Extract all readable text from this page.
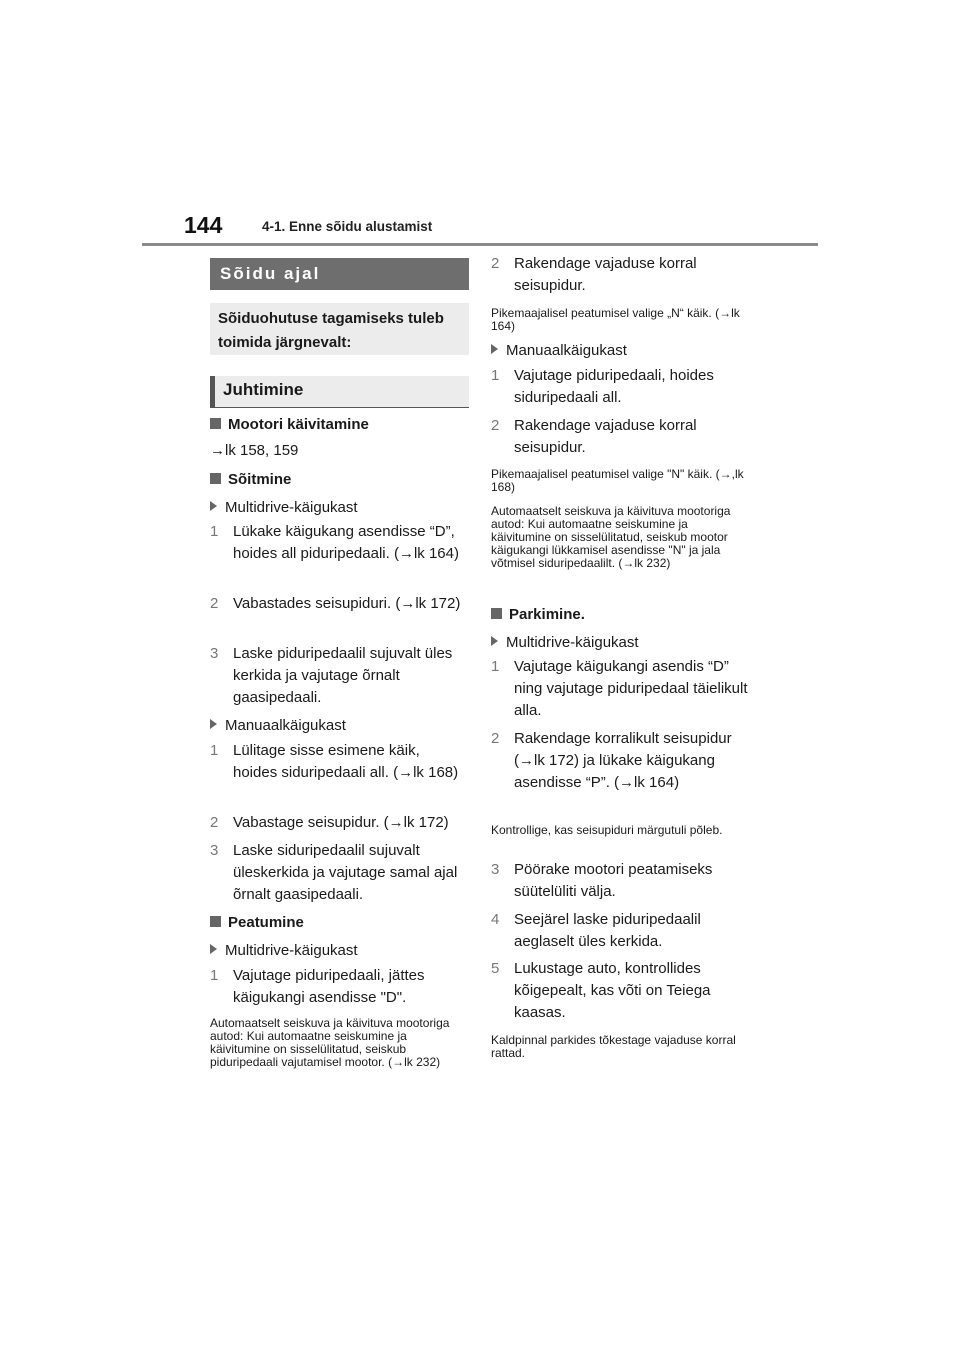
144	4-1. Enne sõidu alustamist
Sõidu ajal
Sõiduohutuse tagamiseks tuleb toimida järgnevalt:
Juhtimine
Mootori käivitamine
→lk 158, 159
Sõitmine
Multidrive-käigukast
1 Lükake käigukang asendisse “D”, hoides all piduripedaali. (→lk 164)
2 Vabastades seisupiduri. (→lk 172)
3 Laske piduripedaalil sujuvalt üles kerkida ja vajutage õrnalt gaasipedaali.
Manuaalkäigukast
1 Lülitage sisse esimene käik, hoides siduripedaali all. (→lk 168)
2 Vabastage seisupidur. (→lk 172)
3 Laske siduripedaalil sujuvalt üleskerkida ja vajutage samal ajal õrnalt gaasipedaali.
Peatumine
Multidrive-käigukast
1 Vajutage piduripedaali, jättes käigukangi asendisse "D".
Automaatselt seiskuva ja käivituva mootoriga autod: Kui automaatne seiskumine ja käivitumine on sisselülitatud, seiskub piduripedaali vajutamisel mootor. (→lk 232)
2 Rakendage vajaduse korral seisupidur.
Pikemaajalisel peatumisel valige „N“ käik. (→lk 164)
Manuaalkäigukast
1 Vajutage piduripedaali, hoides siduripedaali all.
2 Rakendage vajaduse korral seisupidur.
Pikemaajalisel peatumisel valige "N" käik. (→,lk 168)
Automaatselt seiskuva ja käivituva mootoriga autod: Kui automaatne seiskumine ja käivitumine on sisselülitatud, seiskub mootor käigukangi lükkamisel asendisse "N" ja jala võtmisel siduripedaalilt. (→lk 232)
Parkimine.
Multidrive-käigukast
1 Vajutage käigukangi asendis “D” ning vajutage piduripedaal täielikult alla.
2 Rakendage korralikult seisupidur (→lk 172) ja lükake käigukang asendisse “P”. (→lk 164)
Kontrollige, kas seisupiduri märgutuli põleb.
3 Pöörake mootori peatamiseks süütelüliti välja.
4 Seejärel laske piduripedaalil aeglaselt üles kerkida.
5 Lukustage auto, kontrollides kõigepealt, kas võti on Teiega kaasas.
Kaldpinnal parkides tõkestage vajaduse korral rattad.
